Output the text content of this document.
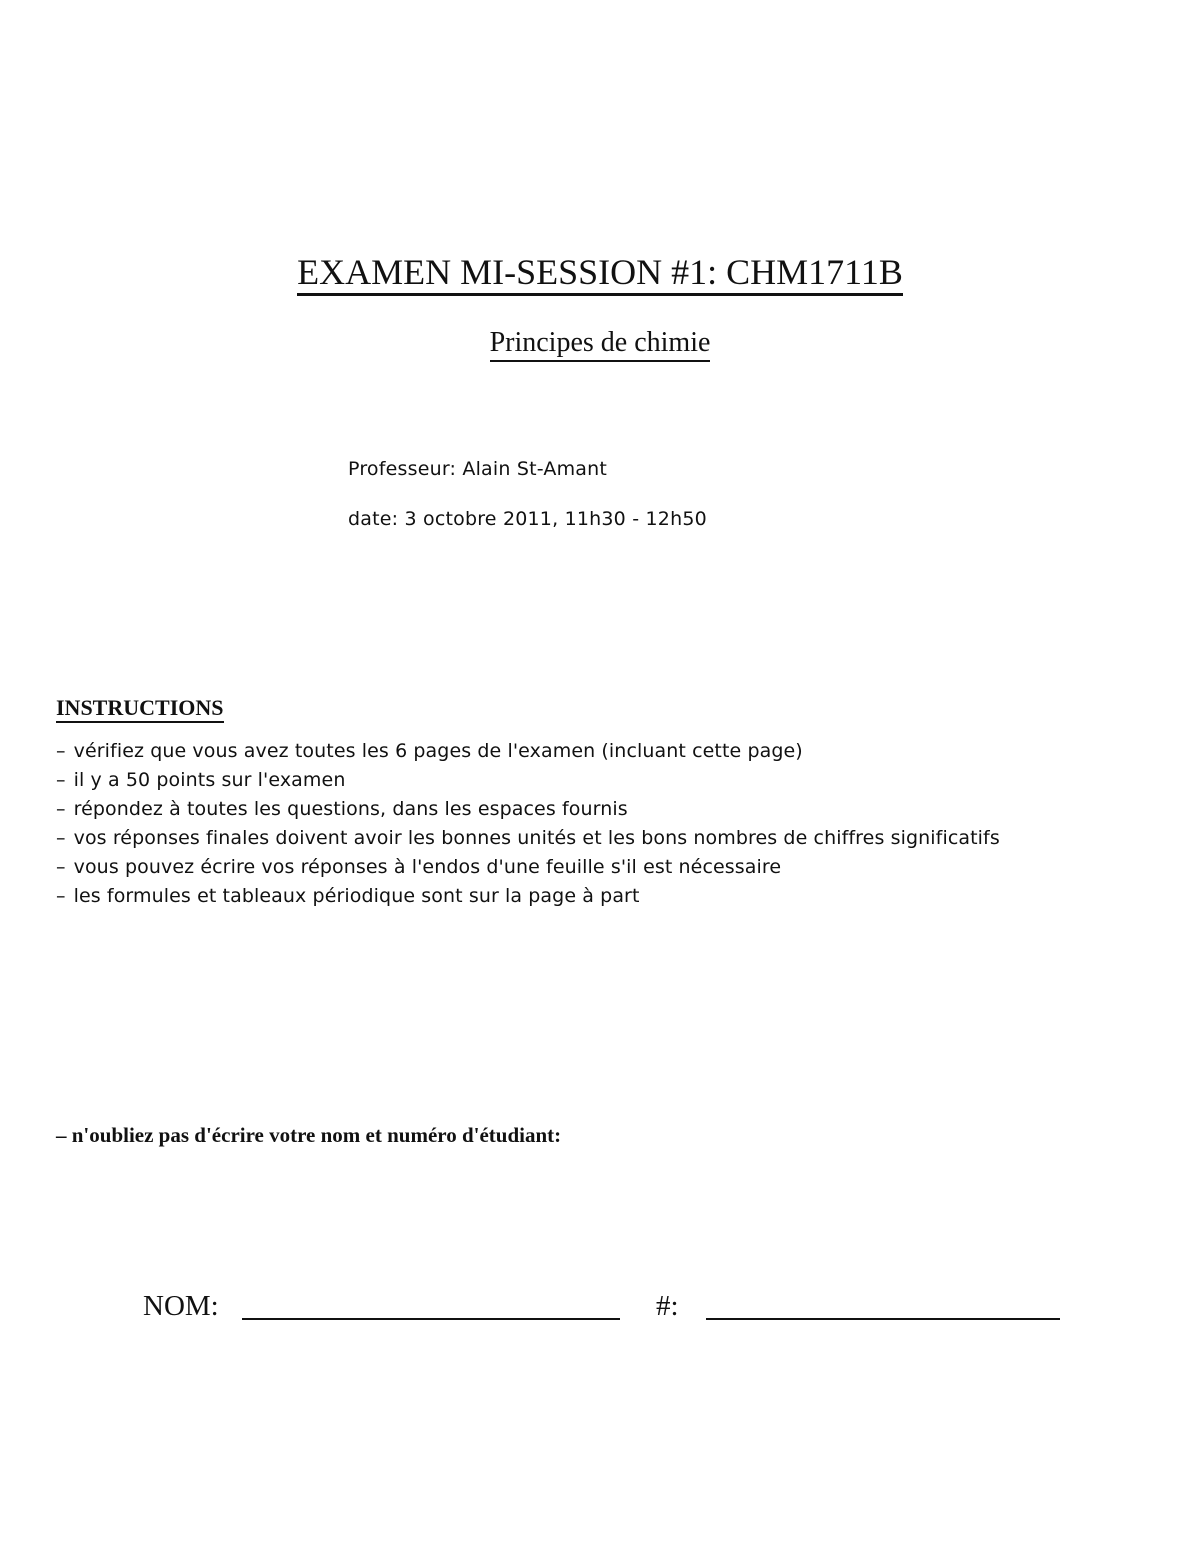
EXAMEN MI-SESSION #1: CHM1711B
Principes de chimie
Professeur: Alain St-Amant
date: 3 octobre 2011, 11h30 - 12h50
INSTRUCTIONS
– vérifiez que vous avez toutes les 6 pages de l'examen (incluant cette page)
– il y a 50 points sur l'examen
– répondez à toutes les questions, dans les espaces fournis
– vos réponses finales doivent avoir les bonnes unités et les bons nombres de chiffres significatifs
– vous pouvez écrire vos réponses à l'endos d'une feuille s'il est nécessaire
– les formules et tableaux périodique sont sur la page à part
– n'oubliez pas d'écrire votre nom et numéro d'étudiant:
NOM:	#:
